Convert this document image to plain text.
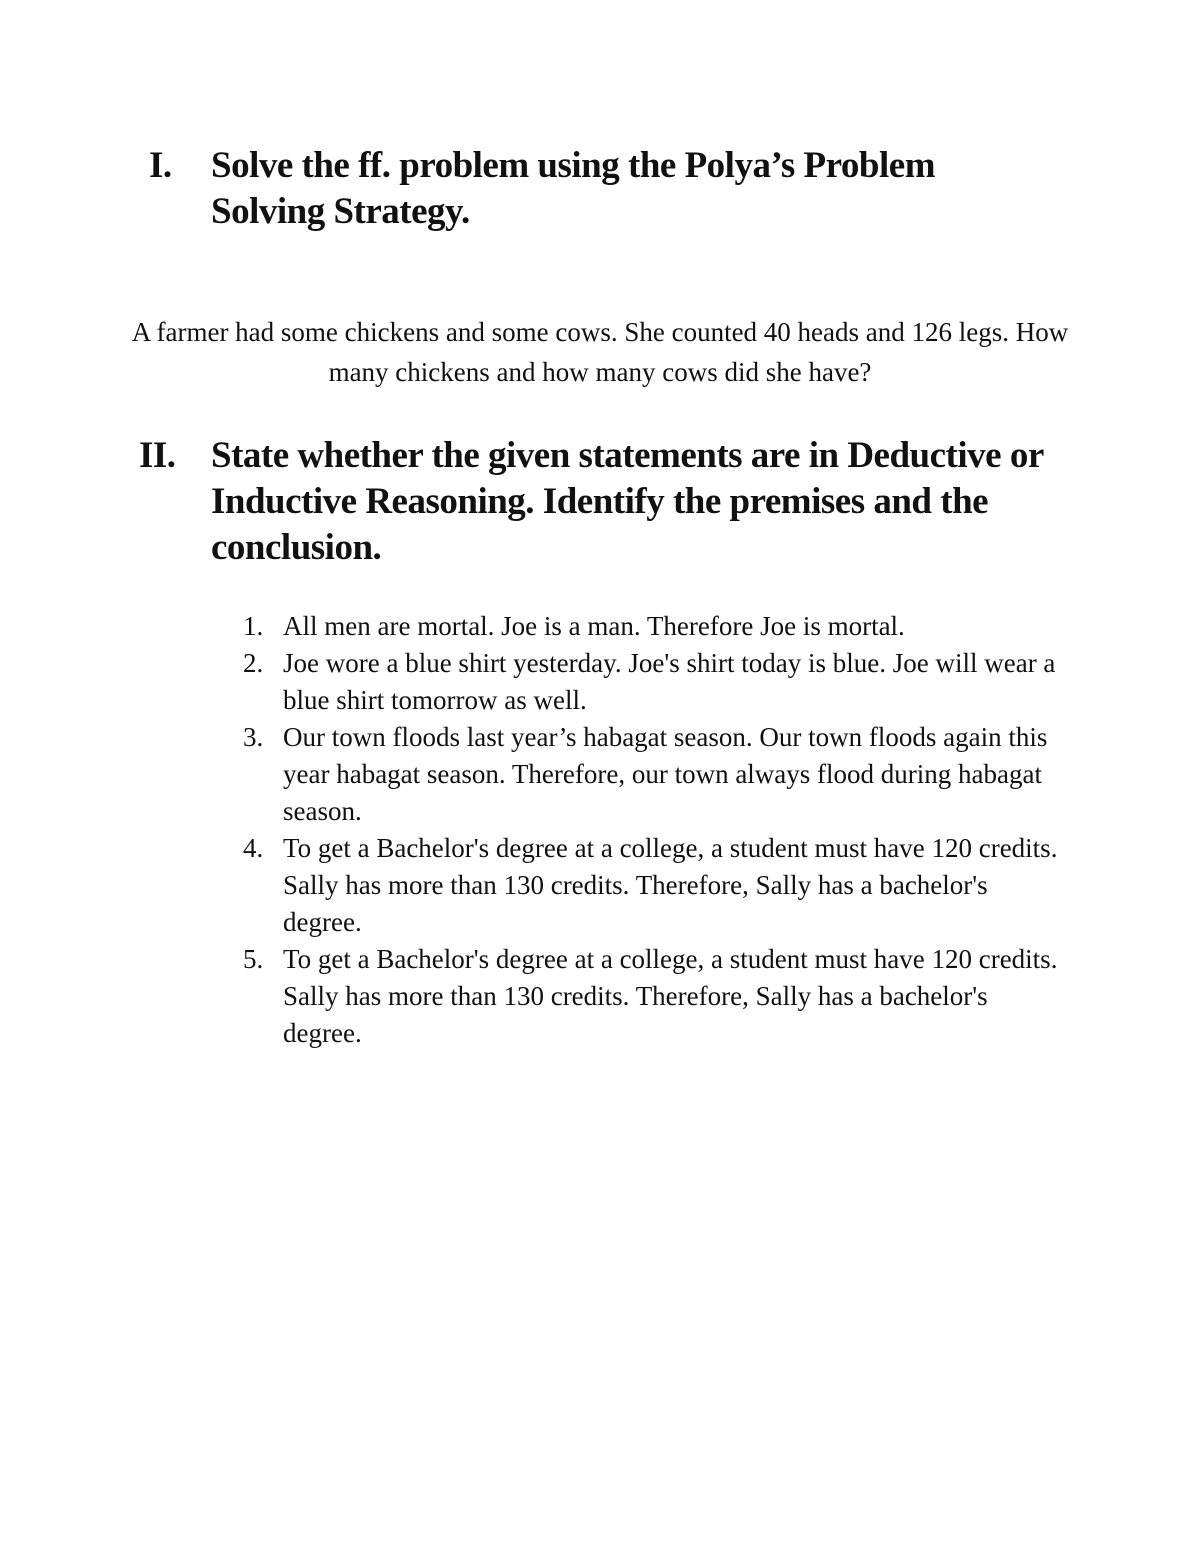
I.	Solve the ff. problem using the Polya’s Problem Solving Strategy.

A farmer had some chickens and some cows. She counted 40 heads and 126 legs. How many chickens and how many cows did she have?

II. State whether the given statements are in Deductive or Inductive Reasoning. Identify the premises and the conclusion.
1. All men are mortal. Joe is a man. Therefore Joe is mortal.
2. Joe wore a blue shirt yesterday. Joe's shirt today is blue. Joe will wear a blue shirt tomorrow as well.
3. Our town floods last year’s habagat season. Our town floods again this year habagat season. Therefore, our town always flood during habagat season.
4. To get a Bachelor's degree at a college, a student must have 120 credits. Sally has more than 130 credits. Therefore, Sally has a bachelor's degree.
5. To get a Bachelor's degree at a college, a student must have 120 credits. Sally has more than 130 credits. Therefore, Sally has a bachelor's degree.
